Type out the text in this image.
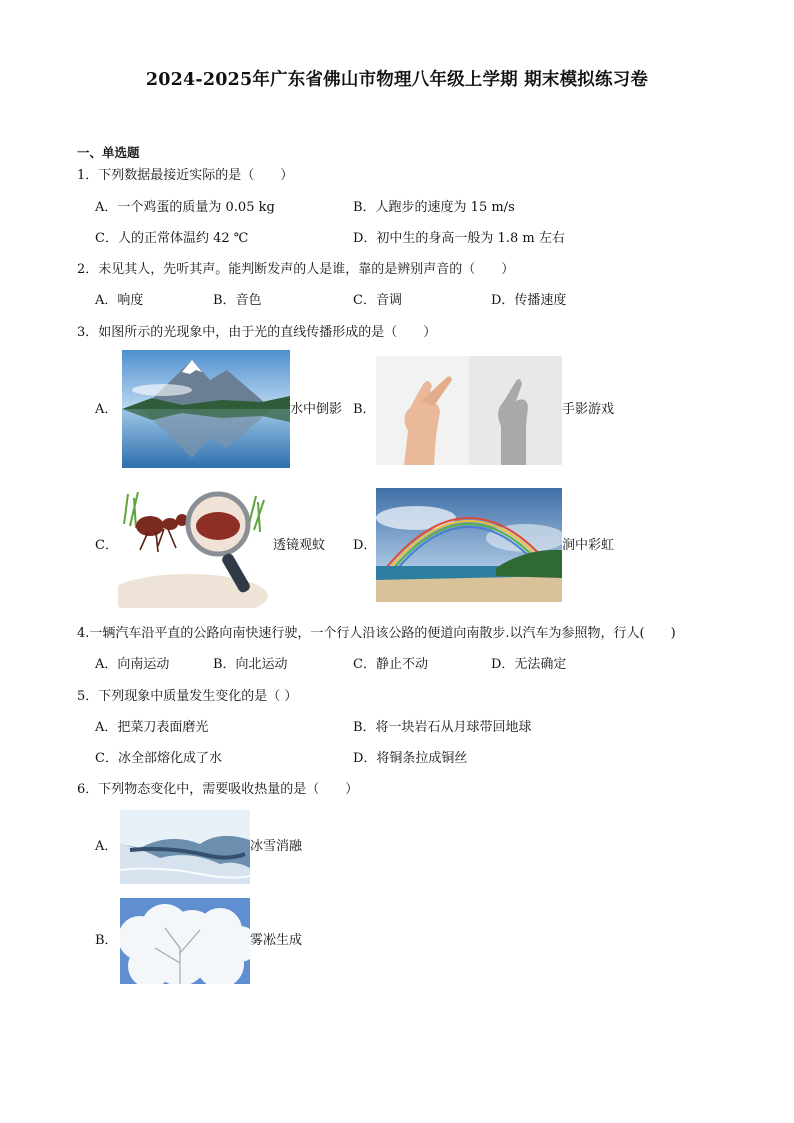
2024-2025年广东省佛山市物理八年级上学期 期末模拟练习卷
一、单选题
1．下列数据最接近实际的是（　　）
A．一个鸡蛋的质量为 0.05 kg	B．人跑步的速度为 15 m/s
C．人的正常体温约 42 ℃	D．初中生的身高一般为 1.8 m 左右
2．未见其人，先听其声。能判断发声的人是谁，靠的是辨别声音的（　　）
A．响度	B．音色	C．音调	D．传播速度
3．如图所示的光现象中，由于光的直线传播形成的是（　　）
A．	水中倒影 B．	手影游戏
C．	透镜观蚊 D．	涧中彩虹
4.一辆汽车沿平直的公路向南快速行驶，一个行人沿该公路的便道向南散步.以汽车为参照物，行人(　　)
A．向南运动	B．向北运动	C．静止不动	D．无法确定
5．下列现象中质量发生变化的是（ ）
A．把菜刀表面磨光	B．将一块岩石从月球带回地球
C．冰全部熔化成了水	D．将铜条拉成铜丝
6．下列物态变化中，需要吸收热量的是（　　）
A．	冰雪消融
B．	雾凇生成
